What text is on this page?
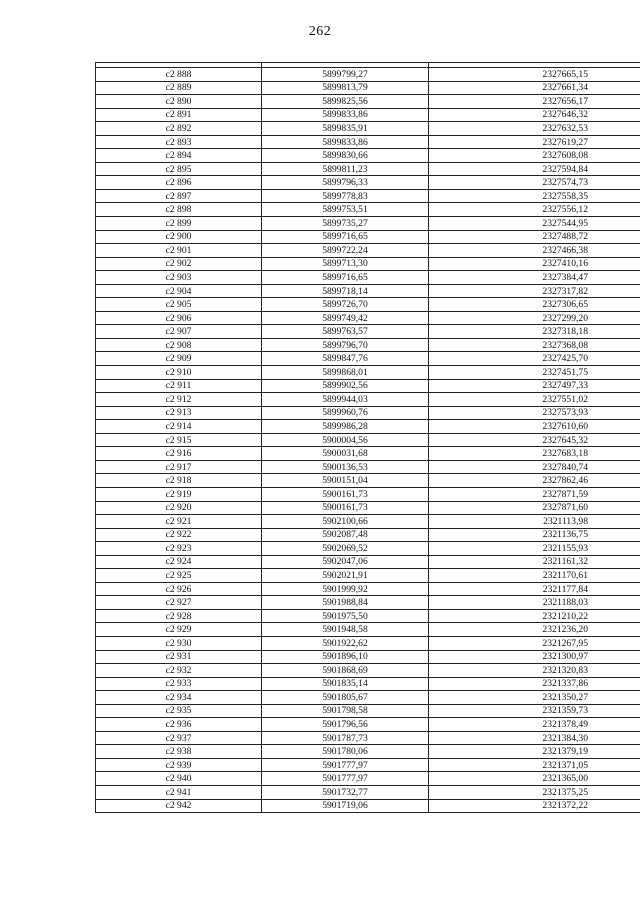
262

c2 888	5899799,27	2327665,15
c2 889	5899813,79	2327661,34
c2 890	5899825,56	2327656,17
c2 891	5899833,86	2327646,32
c2 892	5899835,91	2327632,53
c2 893	5899833,86	2327619,27
c2 894	5899830,66	2327608,08
c2 895	5899811,23	2327594,84
c2 896	5899796,33	2327574,73
c2 897	5899778,83	2327558,35
c2 898	5899753,51	2327556,12
c2 899	5899735,27	2327544,95
c2 900	5899716,65	2327488,72
c2 901	5899722,24	2327466,38
c2 902	5899713,30	2327410,16
c2 903	5899716,65	2327384,47
c2 904	5899718,14	2327317,82
c2 905	5899726,70	2327306,65
c2 906	5899749,42	2327299,20
c2 907	5899763,57	2327318,18
c2 908	5899796,70	2327368,08
c2 909	5899847,76	2327425,70
c2 910	5899868,01	2327451,75
c2 911	5899902,56	2327497,33
c2 912	5899944,03	2327551,02
c2 913	5899960,76	2327573,93
c2 914	5899986,28	2327610,60
c2 915	5900004,56	2327645,32
c2 916	5900031,68	2327683,18
c2 917	5900136,53	2327840,74
c2 918	5900151,04	2327862,46
c2 919	5900161,73	2327871,59
c2 920	5900161,73	2327871,60
c2 921	5902100,66	2321113,98
c2 922	5902087,48	2321136,75
c2 923	5902069,52	2321155,93
c2 924	5902047,06	2321161,32
c2 925	5902021,91	2321170,61
c2 926	5901999,92	2321177,84
c2 927	5901988,84	2321188,03
c2 928	5901975,50	2321210,22
c2 929	5901948,58	2321236,20
c2 930	5901922,62	2321267,95
c2 931	5901896,10	2321300,97
c2 932	5901868,69	2321320,83
c2 933	5901835,14	2321337,86
c2 934	5901805,67	2321350,27
c2 935	5901798,58	2321359,73
c2 936	5901796,56	2321378,49
c2 937	5901787,73	2321384,30
c2 938	5901780,06	2321379,19
c2 939	5901777,97	2321371,05
c2 940	5901777,97	2321365,00
c2 941	5901732,77	2321375,25
c2 942	5901719,06	2321372,22
